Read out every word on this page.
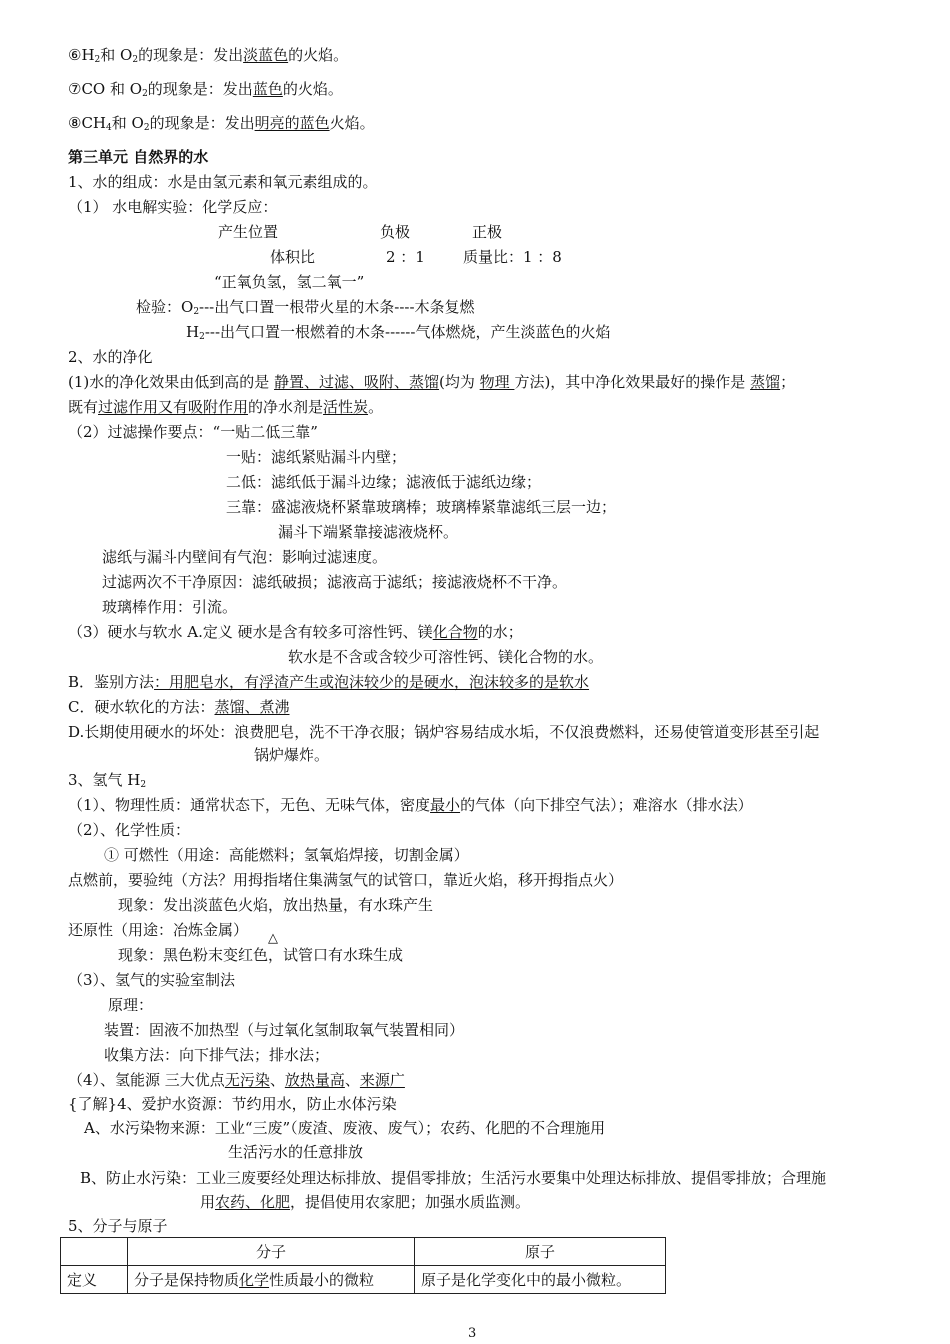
$⑥H_2$和 $O_2$的现象是：发出淡蓝色的火焰。
⑦CO 和 $O_2$的现象是：发出蓝色的火焰。
$⑧CH_4$和 $O_2$的现象是：发出明亮的蓝色火焰。
第三单元 自然界的水
1、水的组成：水是由氢元素和氧元素组成的。
（1） 水电解实验：化学反应：
产生位置	负极	正极
体积比	2 ：1	质量比：1 ：8
“正氧负氢，氢二氧一”
检验：$O_2---$出气口置一根带火星的木条----木条复燃
$H_2---$出气口置一根燃着的木条------气体燃烧，产生淡蓝色的火焰
2、水的净化
(1)水的净化效果由低到高的是 静置、过滤、吸附、蒸馏(均为 物理 方法)，其中净化效果最好的操作是 蒸馏；
既有过滤作用又有吸附作用的净水剂是活性炭。
（2）过滤操作要点：“一贴二低三靠”
一贴：滤纸紧贴漏斗内壁；
二低：滤纸低于漏斗边缘；滤液低于滤纸边缘；
三靠：盛滤液烧杯紧靠玻璃棒；玻璃棒紧靠滤纸三层一边；
漏斗下端紧靠接滤液烧杯。
滤纸与漏斗内壁间有气泡：影响过滤速度。
过滤两次不干净原因：滤纸破损；滤液高于滤纸；接滤液烧杯不干净。
玻璃棒作用：引流。
（3）硬水与软水 A.定义 硬水是含有较多可溶性钙、镁化合物的水；
软水是不含或含较少可溶性钙、镁化合物的水。
B．鉴别方法：用肥皂水，有浮渣产生或泡沫较少的是硬水，泡沫较多的是软水
C．硬水软化的方法：蒸馏、煮沸
D.长期使用硬水的坏处：浪费肥皂，洗不干净衣服；锅炉容易结成水垢，不仅浪费燃料，还易使管道变形甚至引起
锅炉爆炸。
3、氢气 $H_2$
（1）、物理性质：通常状态下，无色、无味气体，密度最小的气体（向下排空气法）；难溶水（排水法）
（2）、化学性质：
① 可燃性（用途：高能燃料；氢氧焰焊接，切割金属）
点燃前，要验纯（方法？用拇指堵住集满氢气的试管口，靠近火焰，移开拇指点火）
现象：发出淡蓝色火焰，放出热量，有水珠产生
还原性（用途：冶炼金属） △
现象：黑色粉末变红色，试管口有水珠生成
（3）、氢气的实验室制法
原理：
装置：固液不加热型（与过氧化氢制取氧气装置相同）
收集方法：向下排气法；排水法；
（4）、氢能源 三大优点无污染、放热量高、来源广
{了解}4、爱护水资源：节约用水，防止水体污染
A、水污染物来源：工业“三废”（废渣、废液、废气）；农药、化肥的不合理施用
生活污水的任意排放
B、防止水污染：工业三废要经处理达标排放、提倡零排放；生活污水要集中处理达标排放、提倡零排放；合理施
用农药、化肥，提倡使用农家肥；加强水质监测。
5、分子与原子
	分子	原子
定义	分子是保持物质化学性质最小的微粒	原子是化学变化中的最小微粒。
3
